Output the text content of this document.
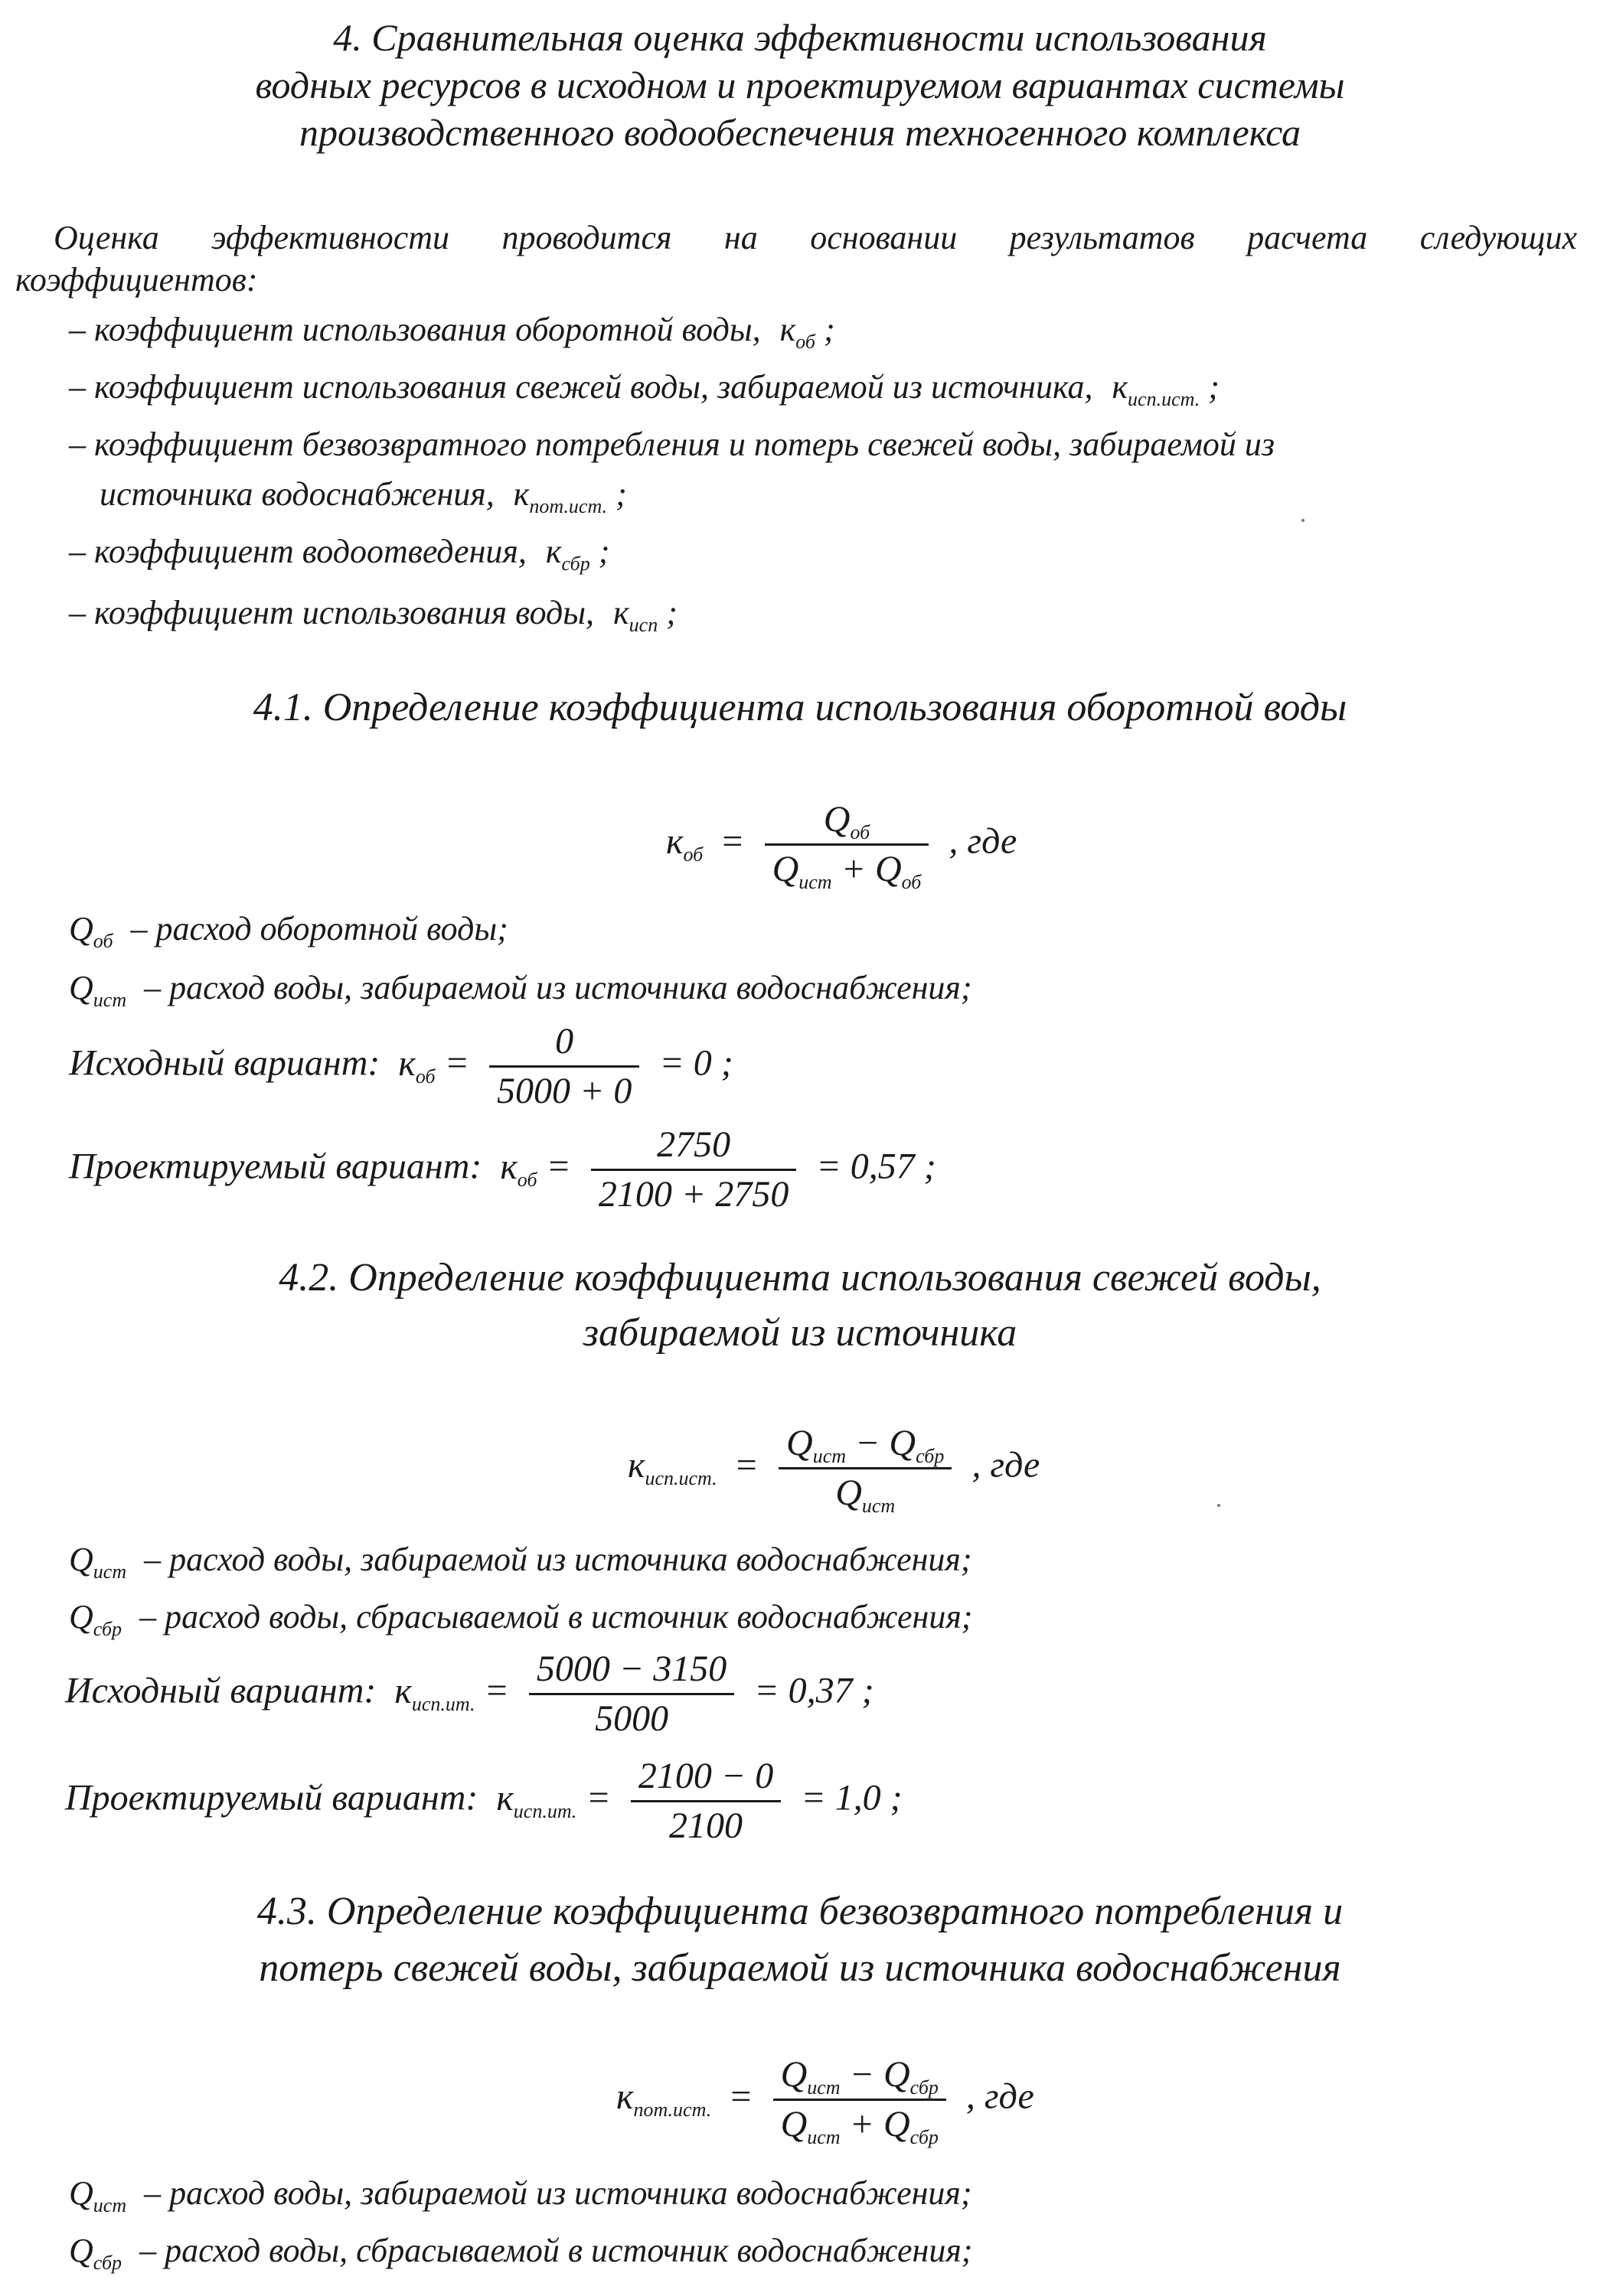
4. Сравнительная оценка эффективности использования
водных ресурсов в исходном и проектируемом вариантах системы
производственного водообеспечения техногенного комплекса
Оценка эффективности проводится на основании результатов расчета следующих
коэффициентов:
– коэффициент использования оборотной воды, $к_{об}$ ;
– коэффициент использования свежей воды, забираемой из источника, $к_{исп.ист.}$ ;
– коэффициент безвозвратного потребления и потерь свежей воды, забираемой из
источника водоснабжения, $к_{пот.ист.}$ ;
– коэффициент водоотведения, $к_{сбр}$ ;
– коэффициент использования воды, $к_{исп}$ ;
4.1. Определение коэффициента использования оборотной воды
$к_{об} = \frac{Q_{об}}{Q_{ист} + Q_{об}}$ , где
$Q_{об}$ – расход оборотной воды;
$Q_{ист}$ – расход воды, забираемой из источника водоснабжения;
Исходный вариант: $к_{об} = \frac{0}{5000 + 0} = 0$ ;
Проектируемый вариант: $к_{об} = \frac{2750}{2100 + 2750} = 0,57$ ;
4.2. Определение коэффициента использования свежей воды,
забираемой из источника
$к_{исп.ист.} = \frac{Q_{ист} - Q_{сбр}}{Q_{ист}}$ , где
$Q_{ист}$ – расход воды, забираемой из источника водоснабжения;
$Q_{сбр}$ – расход воды, сбрасываемой в источник водоснабжения;
Исходный вариант: $к_{исп.ит.} = \frac{5000 - 3150}{5000} = 0,37$ ;
Проектируемый вариант: $к_{исп.ит.} = \frac{2100 - 0}{2100} = 1,0$ ;
4.3. Определение коэффициента безвозвратного потребления и
потерь свежей воды, забираемой из источника водоснабжения
$к_{пот.ист.} = \frac{Q_{ист} - Q_{сбр}}{Q_{ист} + Q_{сбр}}$ , где
$Q_{ист}$ – расход воды, забираемой из источника водоснабжения;
$Q_{сбр}$ – расход воды, сбрасываемой в источник водоснабжения;
